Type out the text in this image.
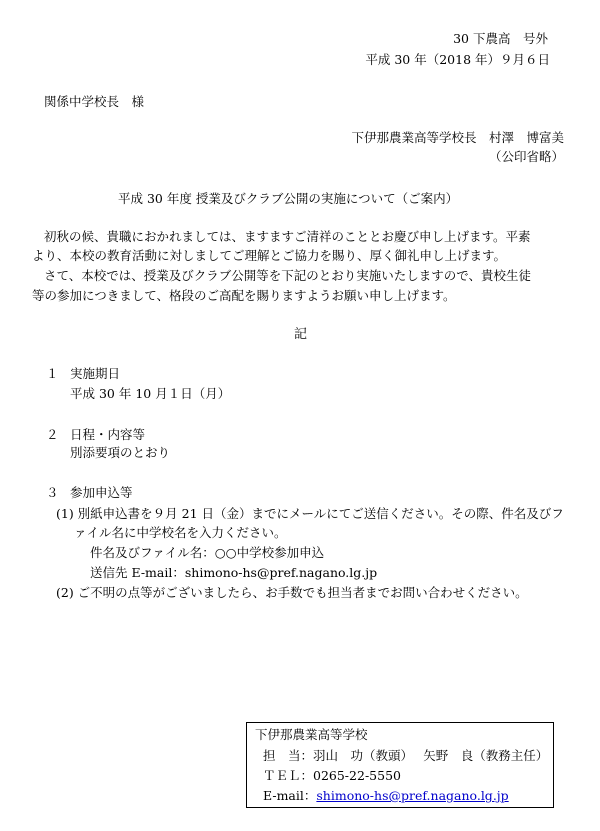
30 下農高　号外
平成 30 年（2018 年）９月６日
関係中学校長　様
下伊那農業高等学校長　村澤　博富美
（公印省略）
平成 30 年度 授業及びクラブ公開の実施について（ご案内）
初秋の候、貴職におかれましては、ますますご清祥のこととお慶び申し上げます。平素
より、本校の教育活動に対しましてご理解とご協力を賜り、厚く御礼申し上げます。
さて、本校では、授業及びクラブ公開等を下記のとおり実施いたしますので、貴校生徒
等の参加につきまして、格段のご高配を賜りますようお願い申し上げます。
記
１ 実施期日
平成 30 年 10 月１日（月）
２ 日程・内容等
別添要項のとおり
３ 参加申込等
(1) 別紙申込書を９月 21 日（金）までにメールにてご送信ください。その際、件名及びフ
ァイル名に中学校名を入力ください。
件名及びファイル名：○○中学校参加申込
送信先 E-mail：shimono-hs@pref.nagano.lg.jp
(2) ご不明の点等がございましたら、お手数でも担当者までお問い合わせください。
下伊那農業高等学校
担　当：羽山　功（教頭）　 矢野　良（教務主任）
ＴＥＬ：0265-22-5550
E-mail：shimono-hs@pref.nagano.lg.jp
